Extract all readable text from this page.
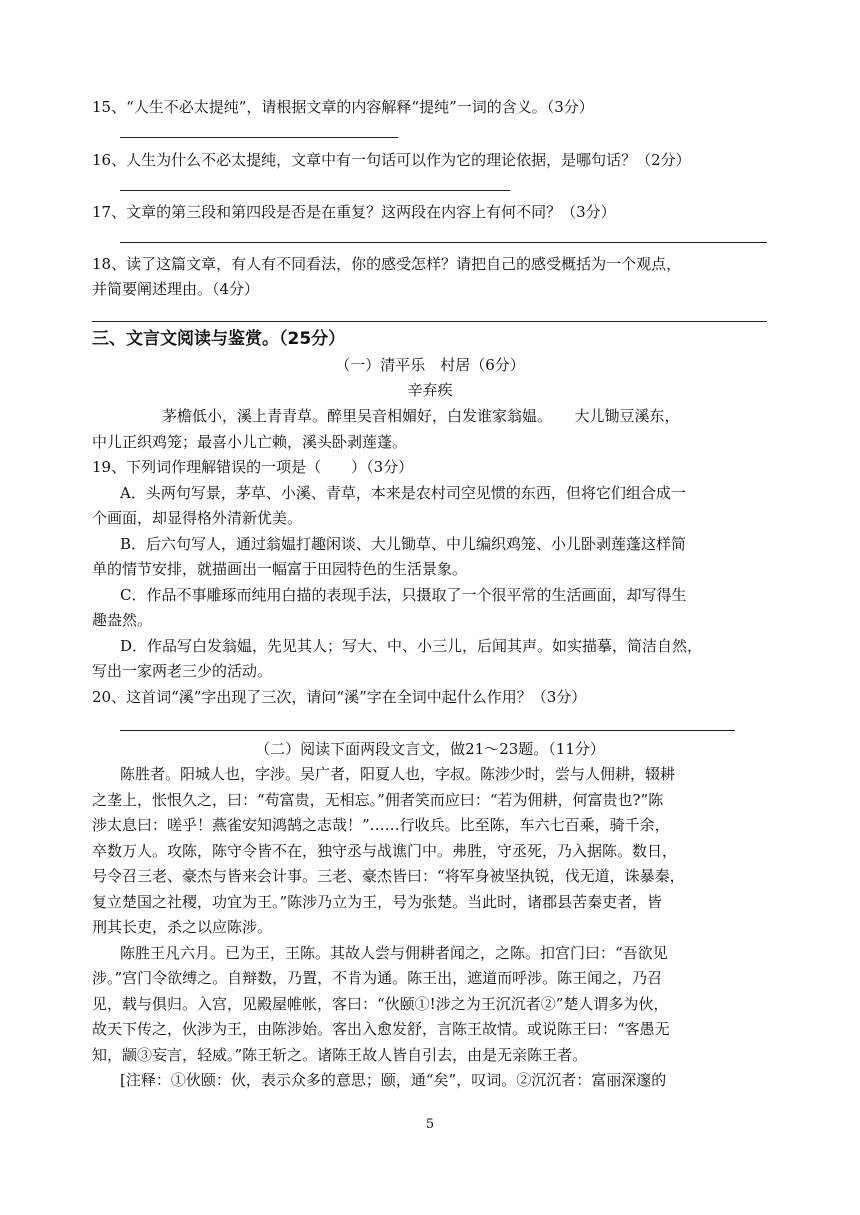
15、“人生不必太提纯”，请根据文章的内容解释“提纯”一词的含义。（3分）
16、人生为什么不必太提纯，文章中有一句话可以作为它的理论依据，是哪句话？（2分）
17、文章的第三段和第四段是否是在重复？这两段在内容上有何不同？（3分）
18、读了这篇文章，有人有不同看法，你的感受怎样？请把自己的感受概括为一个观点，
并简要阐述理由。（4分）
三、文言文阅读与鉴赏。（25分）
（一）清平乐　村居（6分）
辛弃疾
茅檐低小，溪上青青草。醉里吴音相媚好，白发谁家翁媪。　　大儿锄豆溪东，
中儿正织鸡笼；最喜小儿亡赖，溪头卧剥莲蓬。
19、下列词作理解错误的一项是（　　）（3分）
A．头两句写景，茅草、小溪、青草，本来是农村司空见惯的东西，但将它们组合成一
个画面，却显得格外清新优美。
B．后六句写人，通过翁媪打趣闲谈、大儿锄草、中儿编织鸡笼、小儿卧剥莲蓬这样简
单的情节安排，就描画出一幅富于田园特色的生活景象。
C．作品不事雕琢而纯用白描的表现手法，只摄取了一个很平常的生活画面，却写得生
趣盎然。
D．作品写白发翁媪，先见其人；写大、中、小三儿，后闻其声。如实描摹，简洁自然，
写出一家两老三少的活动。
20、这首词“溪”字出现了三次，请问“溪”字在全词中起什么作用？（3分）
（二）阅读下面两段文言文，做21～23题。（11分）
陈胜者。阳城人也，字涉。吴广者，阳夏人也，字叔。陈涉少时，尝与人佣耕，辍耕
之垄上，怅恨久之，曰：“苟富贵，无相忘。”佣者笑而应曰：“若为佣耕，何富贵也?”陈
涉太息曰：嗟乎！燕雀安知鸿鹄之志哉！”……行收兵。比至陈，车六七百乘，骑千余，
卒数万人。攻陈，陈守令皆不在，独守丞与战谯门中。弗胜，守丞死，乃入据陈。数日，
号令召三老、豪杰与皆来会计事。三老、豪杰皆曰：“将军身被坚执锐，伐无道，诛暴秦，
复立楚国之社稷，功宜为王。”陈涉乃立为王，号为张楚。当此时，诸郡县苦秦吏者，皆
刑其长吏，杀之以应陈涉。
陈胜王凡六月。已为王，王陈。其故人尝与佣耕者闻之，之陈。扣宫门曰：“吾欲见
涉。”宫门令欲缚之。自辩数，乃置，不肯为通。陈王出，遮道而呼涉。陈王闻之，乃召
见，载与俱归。入宫，见殿屋帷帐，客曰：“伙颐①!涉之为王沉沉者②”楚人谓多为伙，
故天下传之，伙涉为王，由陈涉始。客出入愈发舒，言陈王故情。或说陈王曰：“客愚无
知，颛③妄言，轻威。”陈王斩之。诸陈王故人皆自引去，由是无亲陈王者。
[注释：①伙颐：伙，表示众多的意思；颐，通“矣”，叹词。②沉沉者：富丽深邃的
5
